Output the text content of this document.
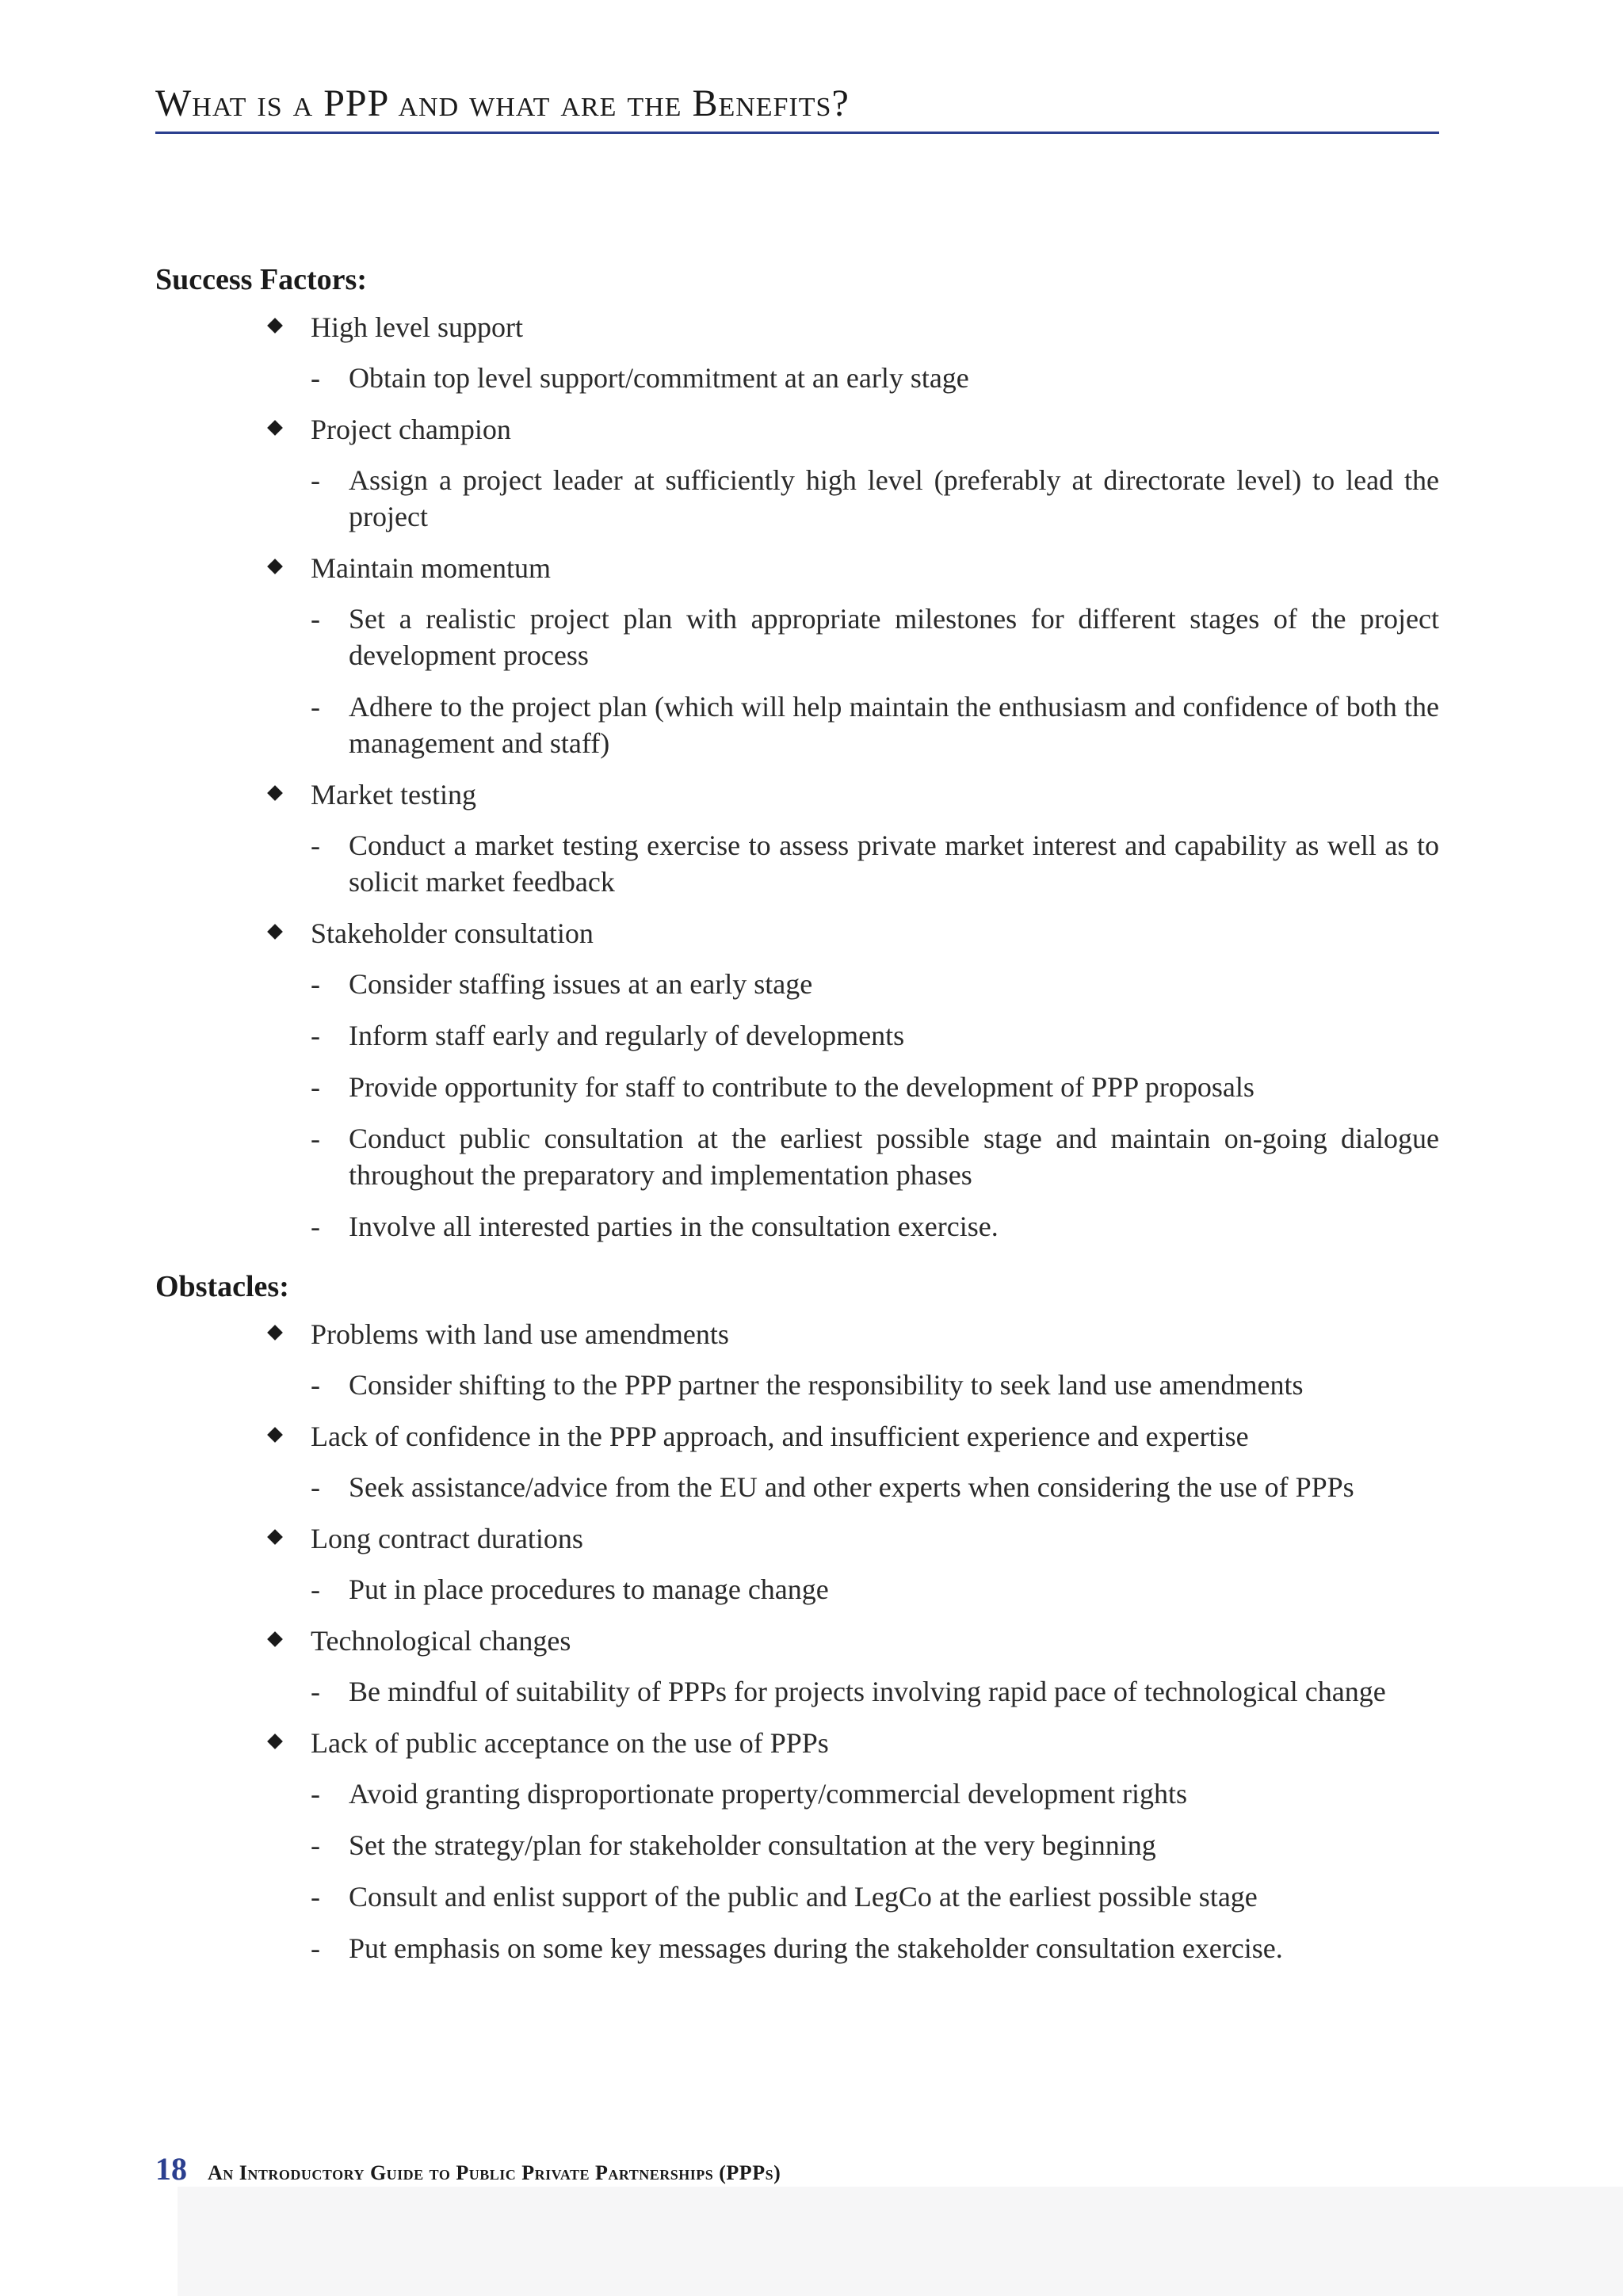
What is a PPP and what are the Benefits?
Success Factors:
High level support
- Obtain top level support/commitment at an early stage
Project champion
- Assign a project leader at sufficiently high level (preferably at directorate level) to lead the project
Maintain momentum
- Set a realistic project plan with appropriate milestones for different stages of the project development process
- Adhere to the project plan (which will help maintain the enthusiasm and confidence of both the management and staff)
Market testing
- Conduct a market testing exercise to assess private market interest and capability as well as to solicit market feedback
Stakeholder consultation
- Consider staffing issues at an early stage
- Inform staff early and regularly of developments
- Provide opportunity for staff to contribute to the development of PPP proposals
- Conduct public consultation at the earliest possible stage and maintain on-going dialogue throughout the preparatory and implementation phases
- Involve all interested parties in the consultation exercise.
Obstacles:
Problems with land use amendments
- Consider shifting to the PPP partner the responsibility to seek land use amendments
Lack of confidence in the PPP approach, and insufficient experience and expertise
- Seek assistance/advice from the EU and other experts when considering the use of PPPs
Long contract durations
- Put in place procedures to manage change
Technological changes
- Be mindful of suitability of PPPs for projects involving rapid pace of technological change
Lack of public acceptance on the use of PPPs
- Avoid granting disproportionate property/commercial development rights
- Set the strategy/plan for stakeholder consultation at the very beginning
- Consult and enlist support of the public and LegCo at the earliest possible stage
- Put emphasis on some key messages during the stakeholder consultation exercise.
18 An Introductory Guide to Public Private Partnerships (PPPs)
